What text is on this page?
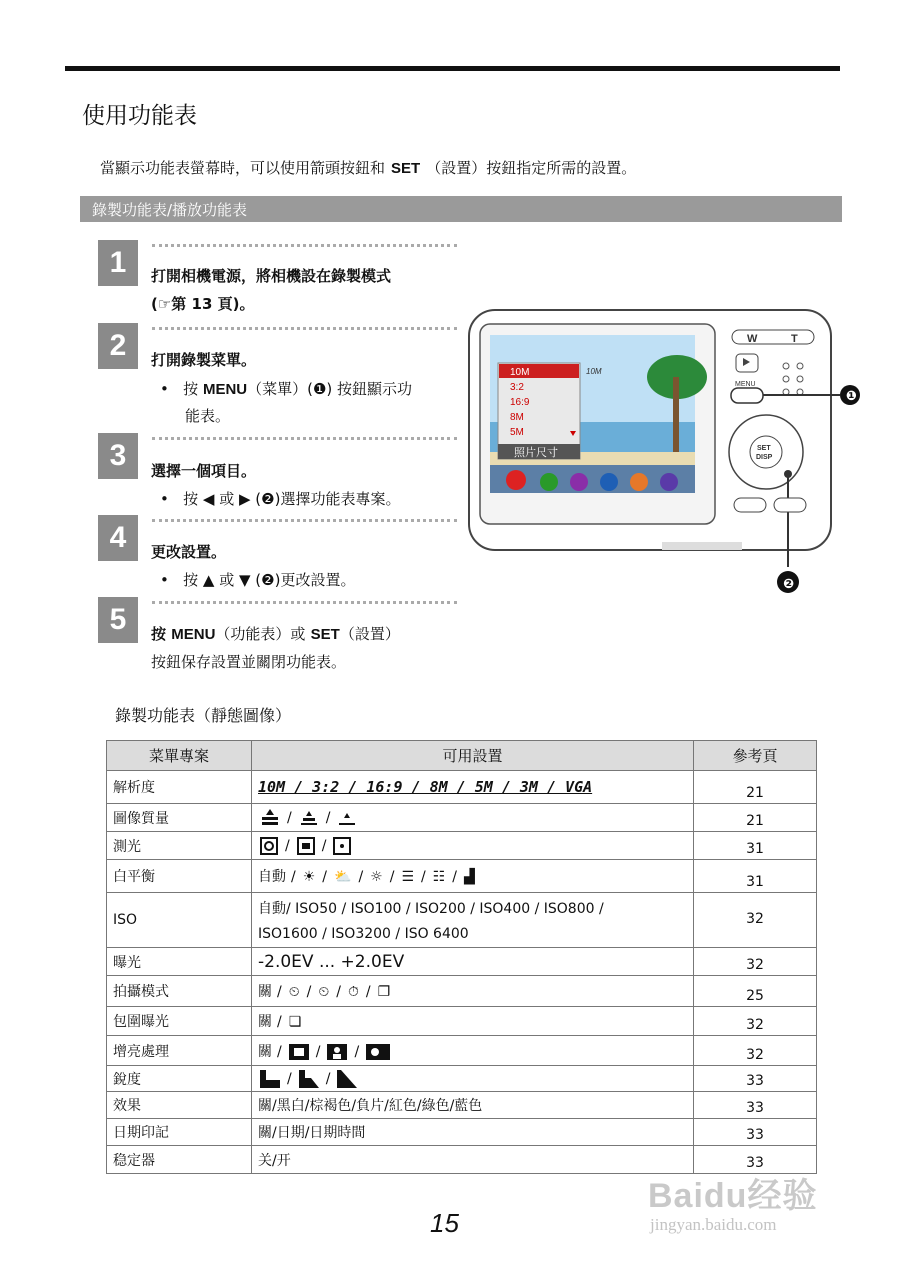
使用功能表
當顯示功能表螢幕時，可以使用箭頭按鈕和 SET （設置）按鈕指定所需的設置。
錄製功能表/播放功能表
1	打開相機電源，將相機設在錄製模式
(☞第 13 頁)。
2	打開錄製菜單。
•   按 MENU（菜單）(❶) 按鈕顯示功
能表。
3	選擇一個項目。
•   按 ◀ 或 ▶ (❷)選擇功能表專案。
4	更改設置。
•   按 ▲ 或 ▼ (❷)更改設置。
5	按 MENU（功能表）或 SET（設置）
按鈕保存設置並關閉功能表。
10M
3:2
16:9
8M
5M
照片尺寸
10M
W	T
MENU
❶
SET
DISP
❷
錄製功能表（靜態圖像）
菜單專案	可用設置	參考頁
解析度	10M / 3:2 / 16:9 / 8M / 5M / 3M / VGA	21
圖像質量	/ /	21
測光	/ /	31
白平衡	自動 / ☀ / ⛅ / ☼ / ☰ / ☷ / ▟	31
ISO	自動/ ISO50 / ISO100 / ISO200 / ISO400 / ISO800 /
ISO1600 / ISO3200 / ISO 6400	32
曝光	-2.0EV ... +2.0EV	32
拍攝模式	關 / ⏲ / ⏲ / ⏱ / ❐	25
包圍曝光	關 / ❏	32
增亮處理	關 / / /	32
銳度	/ /	33
效果	關/黑白/棕褐色/負片/紅色/綠色/藍色	33
日期印記	關/日期/日期時間	33
稳定器	关/开	33
15
Baidu经验
jingyan.baidu.com
